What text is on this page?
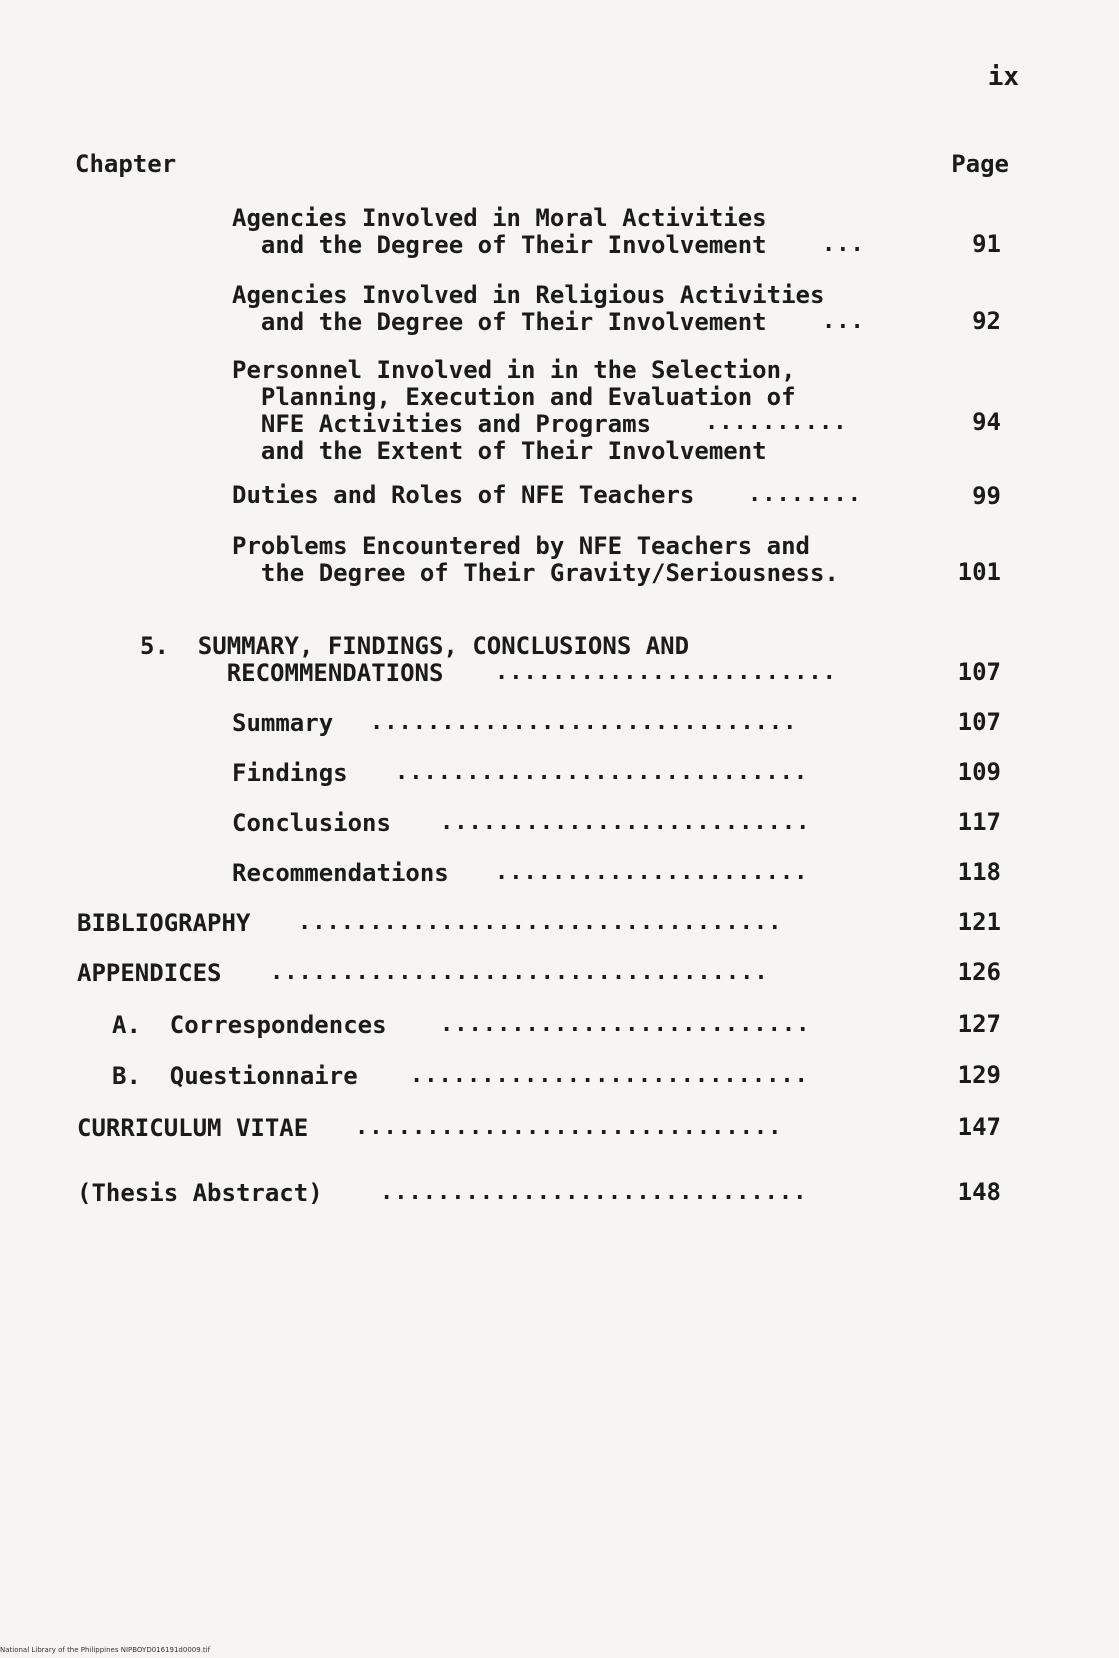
ix
Chapter	Page
Agencies Involved in Moral Activities
and the Degree of Their Involvement	...	91
Agencies Involved in Religious Activities
and the Degree of Their Involvement	...	92
Personnel Involved in in the Selection,
Planning, Execution and Evaluation of
NFE Activities and Programs
and the Extent of Their Involvement
..........	94
Duties and Roles of NFE Teachers ........	99
Problems Encountered by NFE Teachers and
the Degree of Their Gravity/Seriousness.	101
5.  SUMMARY, FINDINGS, CONCLUSIONS AND
RECOMMENDATIONS	........................	107
Summary ..............................	107
Findings .............................	109
Conclusions ..........................	117
Recommendations ......................	118
BIBLIOGRAPHY ..................................	121
APPENDICES ...................................	126
A.  Correspondences ..........................	127
B.  Questionnaire ............................	129
CURRICULUM VITAE ..............................	147
(Thesis Abstract)	..............................	148
National Library of the Philippines NIPBOYD016191d0009.tif
